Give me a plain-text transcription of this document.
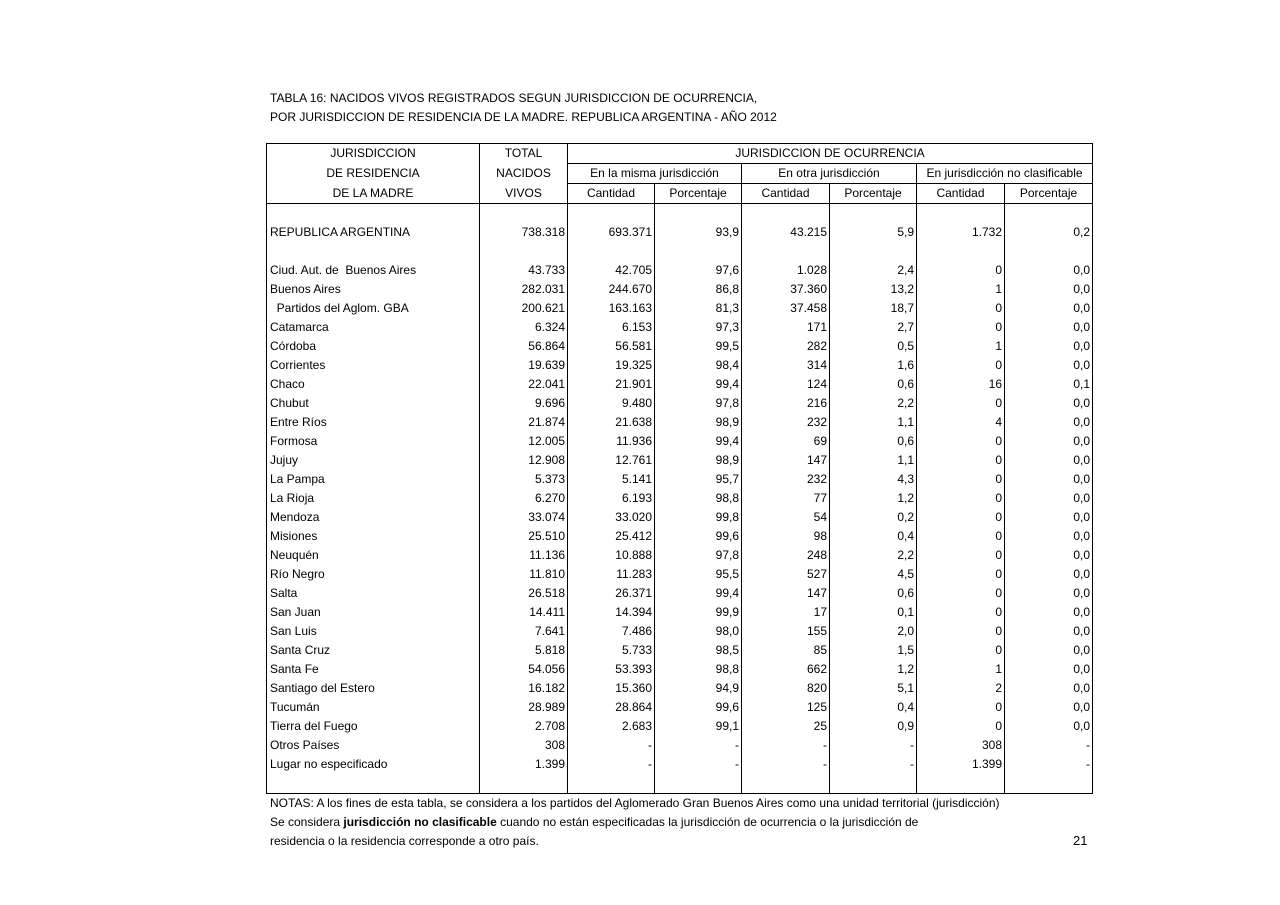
TABLA 16: NACIDOS VIVOS REGISTRADOS SEGUN JURISDICCION DE OCURRENCIA,
POR JURISDICCION DE RESIDENCIA DE LA MADRE. REPUBLICA ARGENTINA - AÑO 2012
JURISDICCION	TOTAL	JURISDICCION DE OCURRENCIA					
DE RESIDENCIA	NACIDOS	En la misma jurisdicción		En otra jurisdicción		En jurisdicción no clasificable	
DE LA MADRE	VIVOS	Cantidad	Porcentaje	Cantidad	Porcentaje	Cantidad	Porcentaje

REPUBLICA ARGENTINA	738.318	693.371	93,9	43.215	5,9	1.732	0,2

Ciud. Aut. de  Buenos Aires	43.733	42.705	97,6	1.028	2,4	0	0,0
Buenos Aires	282.031	244.670	86,8	37.360	13,2	1	0,0
Partidos del Aglom. GBA	200.621	163.163	81,3	37.458	18,7	0	0,0
Catamarca	6.324	6.153	97,3	171	2,7	0	0,0
Córdoba	56.864	56.581	99,5	282	0,5	1	0,0
Corrientes	19.639	19.325	98,4	314	1,6	0	0,0
Chaco	22.041	21.901	99,4	124	0,6	16	0,1
Chubut	9.696	9.480	97,8	216	2,2	0	0,0
Entre Ríos	21.874	21.638	98,9	232	1,1	4	0,0
Formosa	12.005	11.936	99,4	69	0,6	0	0,0
Jujuy	12.908	12.761	98,9	147	1,1	0	0,0
La Pampa	5.373	5.141	95,7	232	4,3	0	0,0
La Rioja	6.270	6.193	98,8	77	1,2	0	0,0
Mendoza	33.074	33.020	99,8	54	0,2	0	0,0
Misiones	25.510	25.412	99,6	98	0,4	0	0,0
Neuquén	11.136	10.888	97,8	248	2,2	0	0,0
Río Negro	11.810	11.283	95,5	527	4,5	0	0,0
Salta	26.518	26.371	99,4	147	0,6	0	0,0
San Juan	14.411	14.394	99,9	17	0,1	0	0,0
San Luis	7.641	7.486	98,0	155	2,0	0	0,0
Santa Cruz	5.818	5.733	98,5	85	1,5	0	0,0
Santa Fe	54.056	53.393	98,8	662	1,2	1	0,0
Santiago del Estero	16.182	15.360	94,9	820	5,1	2	0,0
Tucumán	28.989	28.864	99,6	125	0,4	0	0,0
Tierra del Fuego	2.708	2.683	99,1	25	0,9	0	0,0
Otros Países	308	-	-	-	-	308	-
Lugar no especificado	1.399	-	-	-	-	1.399	-

NOTAS: A los fines de esta tabla, se considera a los partidos del Aglomerado Gran Buenos Aires como una unidad territorial (jurisdicción)
Se considera jurisdicción no clasificable cuando no están especificadas la jurisdicción de ocurrencia o la jurisdicción de
residencia o la residencia corresponde a otro país.	21
